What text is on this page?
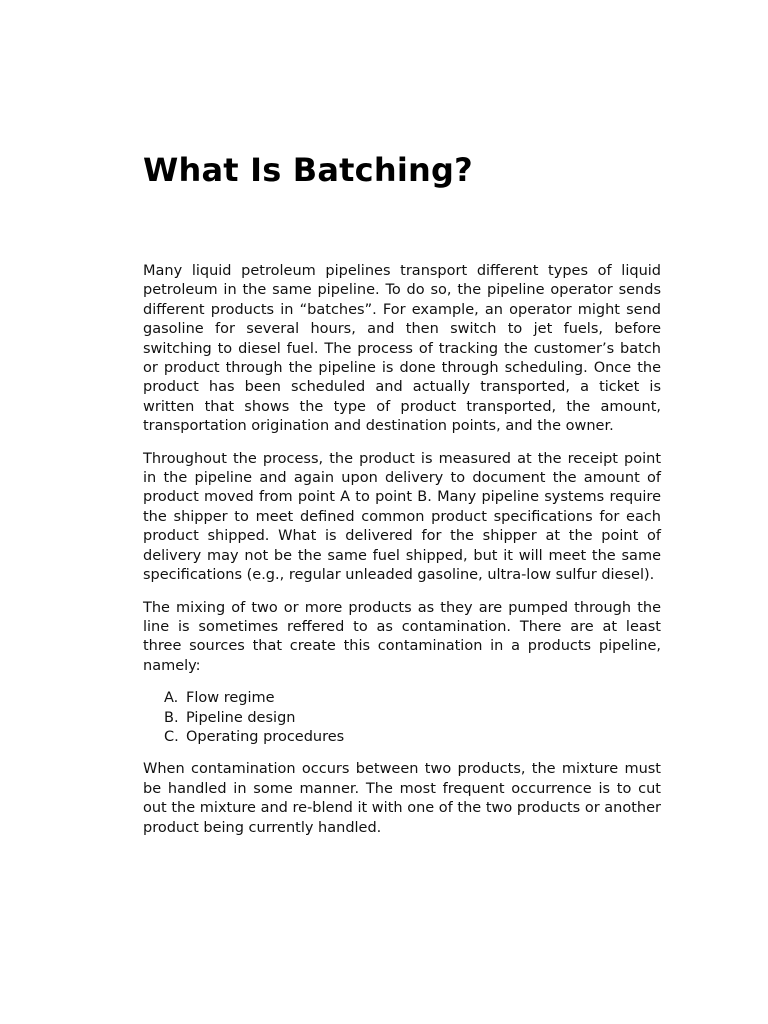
What Is Batching?

Many liquid petroleum pipelines transport different types of liquid petroleum in the same pipeline. To do so, the pipeline operator sends different products in “batches”. For example, an operator might send gasoline for several hours, and then switch to jet fuels, before switching to diesel fuel. The process of tracking the customer’s batch or product through the pipeline is done through scheduling. Once the product has been scheduled and actually transported, a ticket is written that shows the type of product transported, the amount, transportation origination and destination points, and the owner.

Throughout the process, the product is measured at the receipt point in the pipeline and again upon delivery to document the amount of product moved from point A to point B. Many pipeline systems require the shipper to meet defined common product specifications for each product shipped. What is delivered for the shipper at the point of delivery may not be the same fuel shipped, but it will meet the same specifications (e.g., regular unleaded gasoline, ultra-low sulfur diesel).

The mixing of two or more products as they are pumped through the line is sometimes reffered to as contamination. There are at least three sources that create this contamination in a products pipeline, namely:

A. Flow regime
B. Pipeline design
C. Operating procedures

When contamination occurs between two products, the mixture must be handled in some manner. The most frequent occurrence is to cut out the mixture and re-blend it with one of the two products or another product being currently handled.
